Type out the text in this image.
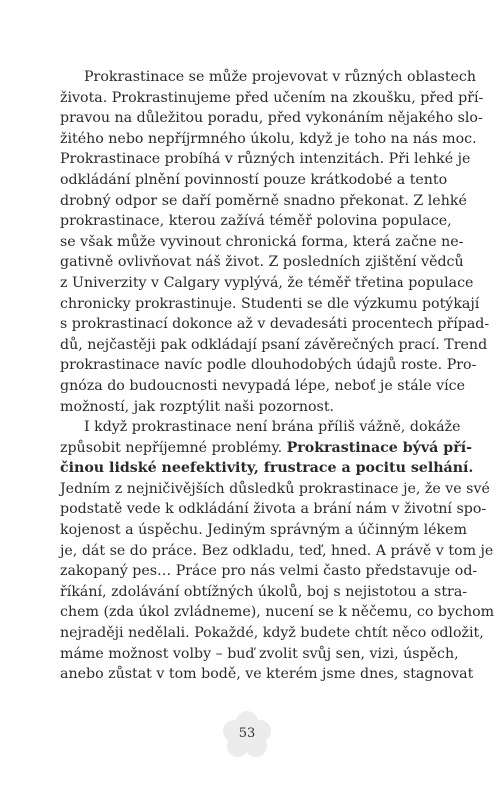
Prokrastinace se může projevovat v různých oblastech
života. Prokrastinujeme před učením na zkoušku, před pří-
pravou na důležitou poradu, před vykonáním nějakého slo-
žitého nebo nepříjrmného úkolu, když je toho na nás moc.
Prokrastinace probíhá v různých intenzitách. Při lehké je
odkládání plnění povinností pouze krátkodobé a tento
drobný odpor se daří poměrně snadno překonat. Z lehké
prokrastinace, kterou zažívá téměř polovina populace,
se však může vyvinout chronická forma, která začne ne-
gativně ovlivňovat náš život. Z posledních zjištění vědců
z Univerzity v Calgary vyplývá, že téměř třetina populace
chronicky prokrastinuje. Studenti se dle výzkumu potýkají
s prokrastinací dokonce až v devadesáti procentech případ-
dů, nejčastěji pak odkládají psaní závěrečných prací. Trend
prokrastinace navíc podle dlouhodobých údajů roste. Pro-
gnóza do budoucnosti nevypadá lépe, neboť je stále více
možností, jak rozptýlit naši pozornost.
I když prokrastinace není brána příliš vážně, dokáže
způsobit nepříjemné problémy. Prokrastinace bývá pří-
činou lidské neefektivity, frustrace a pocitu selhání.
Jedním z nejničivějších důsledků prokrastinace je, že ve své
podstatě vede k odkládání života a brání nám v životní spo-
kojenost a úspěchu. Jediným správným a účinným lékem
je, dát se do práce. Bez odkladu, teď, hned. A právě v tom je
zakopaný pes… Práce pro nás velmi často představuje od-
říkání, zdolávání obtížných úkolů, boj s nejistotou a stra-
chem (zda úkol zvládneme), nucení se k něčemu, co bychom
nejraději nedělali. Pokaždé, když budete chtít něco odložit,
máme možnost volby – buď zvolit svůj sen, vizi, úspěch,
anebo zůstat v tom bodě, ve kterém jsme dnes, stagnovat
53
